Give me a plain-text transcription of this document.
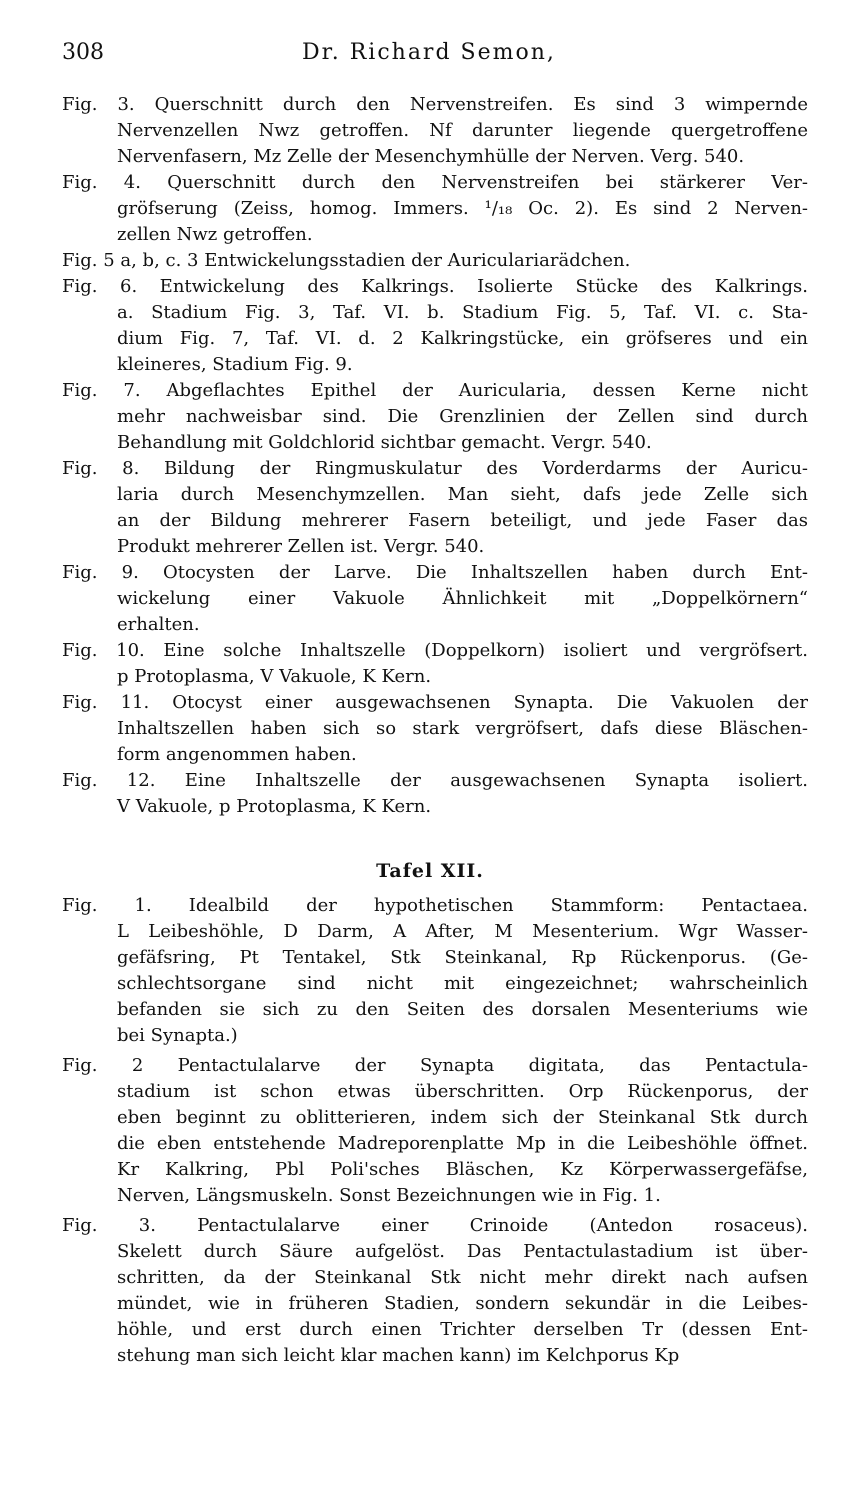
308	Dr. Richard Semon,

Fig. 3. Querschnitt durch den Nervenstreifen. Es sind 3 wimpernde
Nervenzellen Nwz getroffen. Nf darunter liegende quergetroffene
Nervenfasern, Mz Zelle der Mesenchymhülle der Nerven. Verg. 540.

Fig. 4. Querschnitt durch den Nervenstreifen bei stärkerer Ver-
gröfserung (Zeiss, homog. Immers. ¹/₁₈ Oc. 2). Es sind 2 Nerven-
zellen Nwz getroffen.

Fig. 5 a, b, c. 3 Entwickelungsstadien der Auriculariarädchen.

Fig. 6. Entwickelung des Kalkrings. Isolierte Stücke des Kalkrings.
a. Stadium Fig. 3, Taf. VI. b. Stadium Fig. 5, Taf. VI. c. Sta-
dium Fig. 7, Taf. VI. d. 2 Kalkringstücke, ein gröfseres und ein
kleineres, Stadium Fig. 9.

Fig. 7. Abgeflachtes Epithel der Auricularia, dessen Kerne nicht
mehr nachweisbar sind. Die Grenzlinien der Zellen sind durch
Behandlung mit Goldchlorid sichtbar gemacht. Vergr. 540.

Fig. 8. Bildung der Ringmuskulatur des Vorderdarms der Auricu-
laria durch Mesenchymzellen. Man sieht, dafs jede Zelle sich
an der Bildung mehrerer Fasern beteiligt, und jede Faser das
Produkt mehrerer Zellen ist. Vergr. 540.

Fig. 9. Otocysten der Larve. Die Inhaltszellen haben durch Ent-
wickelung einer Vakuole Ähnlichkeit mit „Doppelkörnern“
erhalten.

Fig. 10. Eine solche Inhaltszelle (Doppelkorn) isoliert und vergröfsert.
p Protoplasma, V Vakuole, K Kern.

Fig. 11. Otocyst einer ausgewachsenen Synapta. Die Vakuolen der
Inhaltszellen haben sich so stark vergröfsert, dafs diese Bläschen-
form angenommen haben.

Fig. 12. Eine Inhaltszelle der ausgewachsenen Synapta isoliert.
V Vakuole, p Protoplasma, K Kern.

Tafel XII.

Fig. 1. Idealbild der hypothetischen Stammform: Pentactaea.
L Leibeshöhle, D Darm, A After, M Mesenterium. Wgr Wasser-
gefäfsring, Pt Tentakel, Stk Steinkanal, Rp Rückenporus. (Ge-
schlechtsorgane sind nicht mit eingezeichnet; wahrscheinlich
befanden sie sich zu den Seiten des dorsalen Mesenteriums wie
bei Synapta.)

Fig. 2 Pentactulalarve der Synapta digitata, das Pentactula-
stadium ist schon etwas überschritten. Orp Rückenporus, der
eben beginnt zu oblitterieren, indem sich der Steinkanal Stk durch
die eben entstehende Madreporenplatte Mp in die Leibeshöhle öffnet.
Kr Kalkring, Pbl Poli'sches Bläschen, Kz Körperwassergefäfse,
Nerven, Längsmuskeln. Sonst Bezeichnungen wie in Fig. 1.

Fig. 3. Pentactulalarve einer Crinoide (Antedon rosaceus).
Skelett durch Säure aufgelöst. Das Pentactulastadium ist über-
schritten, da der Steinkanal Stk nicht mehr direkt nach aufsen
mündet, wie in früheren Stadien, sondern sekundär in die Leibes-
höhle, und erst durch einen Trichter derselben Tr (dessen Ent-
stehung man sich leicht klar machen kann) im Kelchporus Kp
